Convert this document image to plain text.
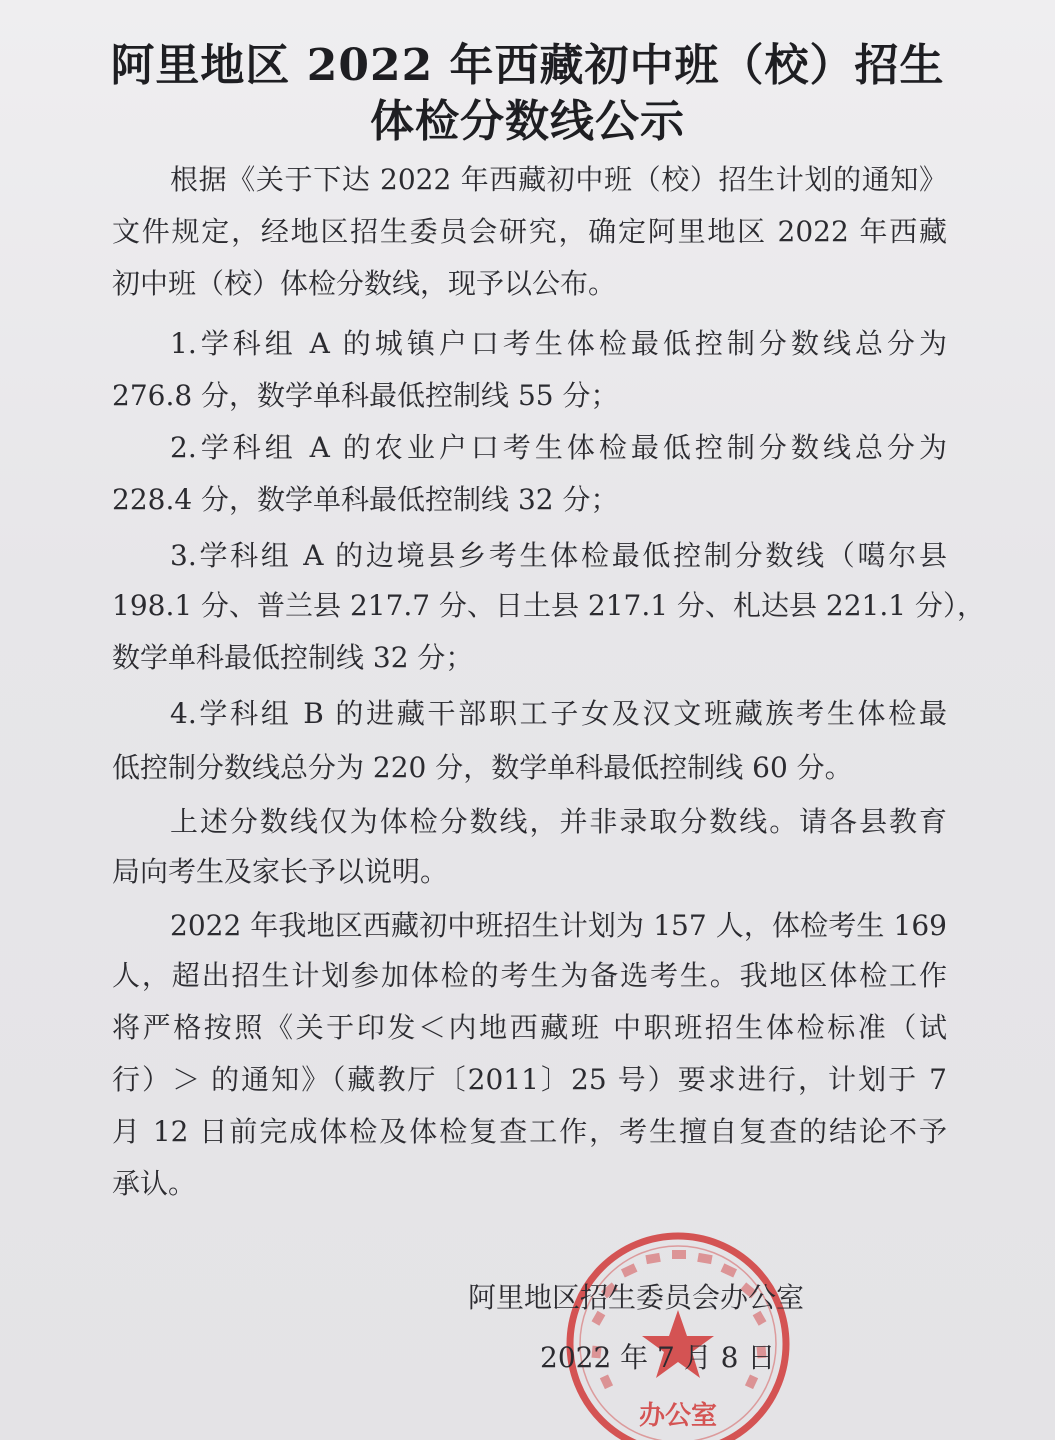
阿里地区 2022 年西藏初中班（校）招生
体检分数线公示
根据《关于下达 2022 年西藏初中班（校）招生计划的通知》
文件规定，经地区招生委员会研究，确定阿里地区 2022 年西藏
初中班（校）体检分数线，现予以公布。
1.学科组 A 的城镇户口考生体检最低控制分数线总分为
276.8 分，数学单科最低控制线 55 分；
2.学科组 A 的农业户口考生体检最低控制分数线总分为
228.4 分，数学单科最低控制线 32 分；
3.学科组 A 的边境县乡考生体检最低控制分数线（噶尔县
198.1 分、普兰县 217.7 分、日土县 217.1 分、札达县 221.1 分），
数学单科最低控制线 32 分；
4.学科组 B 的进藏干部职工子女及汉文班藏族考生体检最
低控制分数线总分为 220 分，数学单科最低控制线 60 分。
上述分数线仅为体检分数线，并非录取分数线。请各县教育
局向考生及家长予以说明。
2022 年我地区西藏初中班招生计划为 157 人，体检考生 169
人，超出招生计划参加体检的考生为备选考生。我地区体检工作
将严格按照《关于印发＜内地西藏班 中职班招生体检标准（试
行）＞ 的通知》（藏教厅〔2011〕25 号）要求进行，计划于 7
月 12 日前完成体检及体检复查工作，考生擅自复查的结论不予
承认。
办公室
阿里地区招生委员会办公室
2022 年 7 月 8 日
